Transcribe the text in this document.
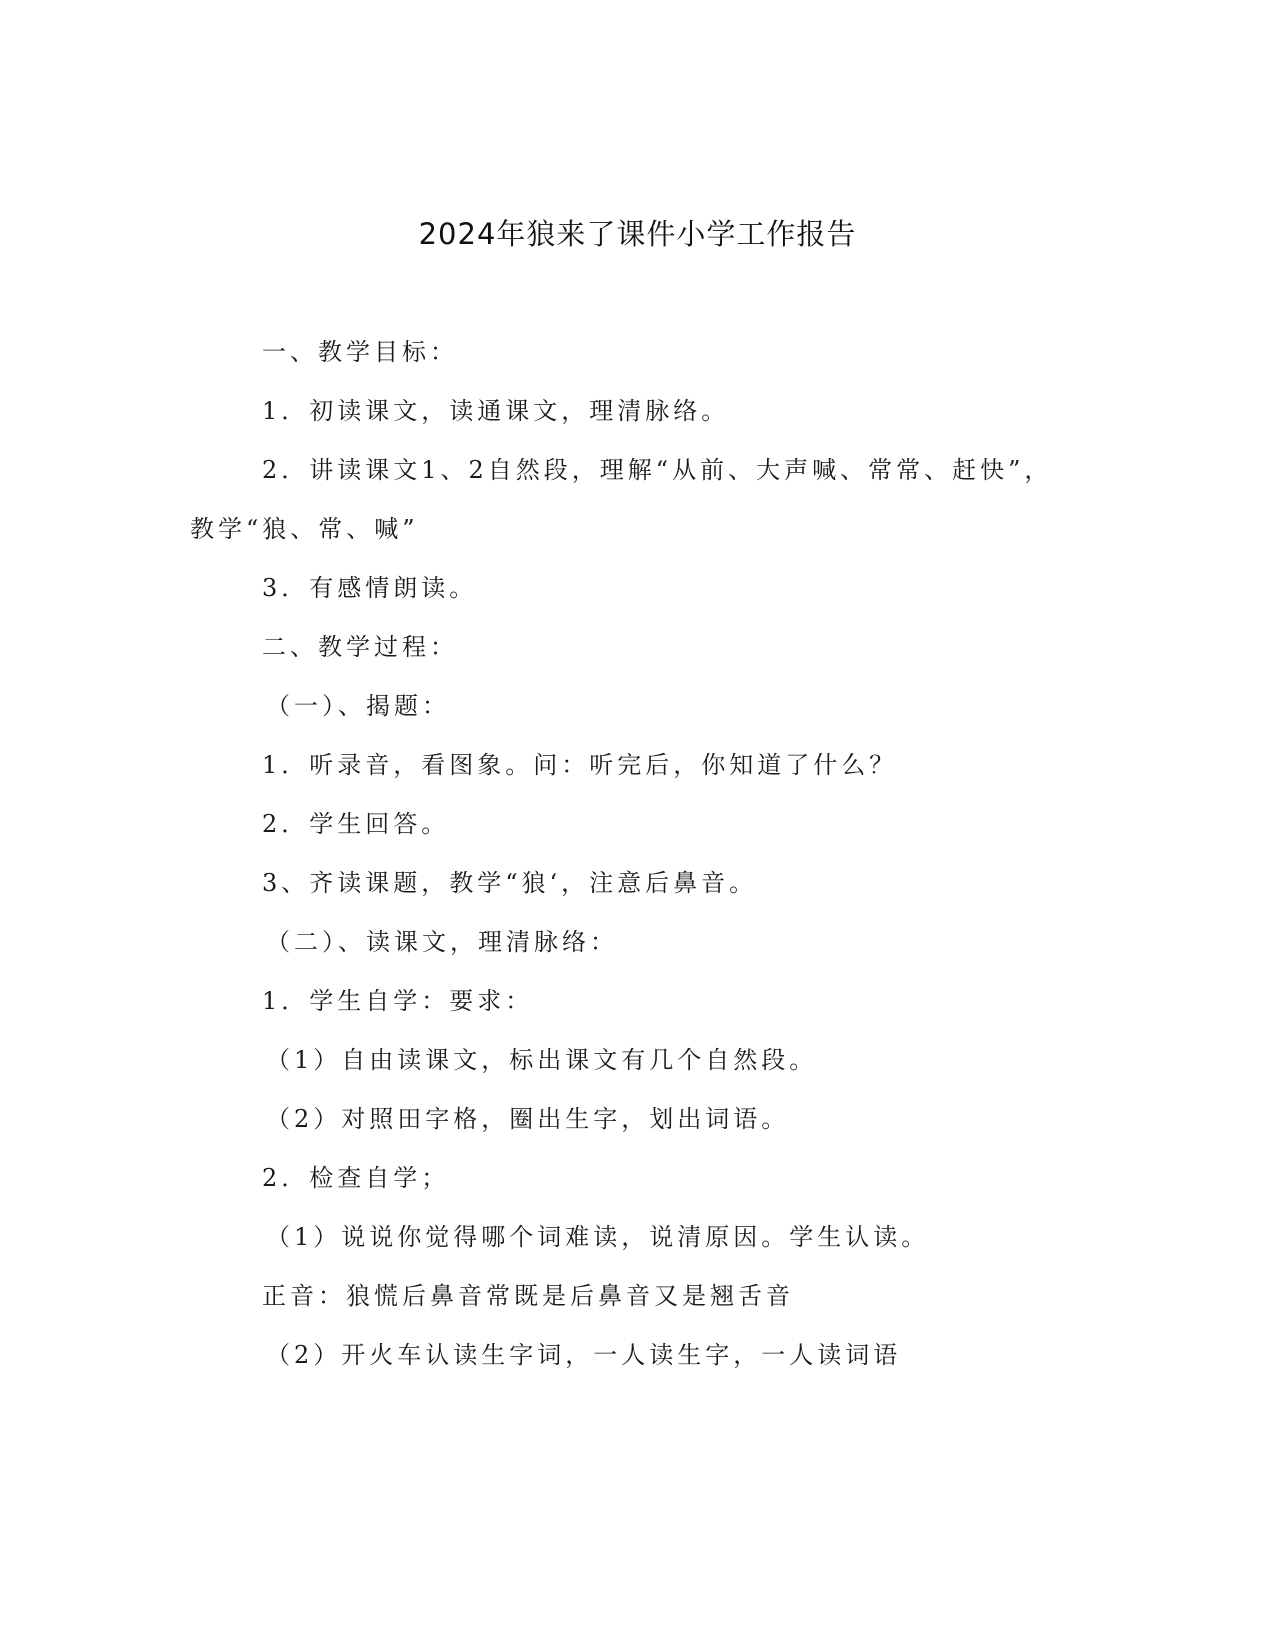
2024年狼来了课件小学工作报告

一、教学目标：

1．初读课文，读通课文，理清脉络。

2．讲读课文1、2自然段，理解“从前、大声喊、常常、赶快”，

教学“狼、常、喊”

3．有感情朗读。

二、教学过程：

（一）、揭题：

1．听录音，看图象。问：听完后，你知道了什么？

2．学生回答。

3、齐读课题，教学“狼‘，注意后鼻音。

（二）、读课文，理清脉络：

1．学生自学：要求：

（1）自由读课文，标出课文有几个自然段。

（2）对照田字格，圈出生字，划出词语。

2．检查自学；

（1）说说你觉得哪个词难读，说清原因。学生认读。

正音：狼慌后鼻音常既是后鼻音又是翘舌音

（2）开火车认读生字词，一人读生字，一人读词语
